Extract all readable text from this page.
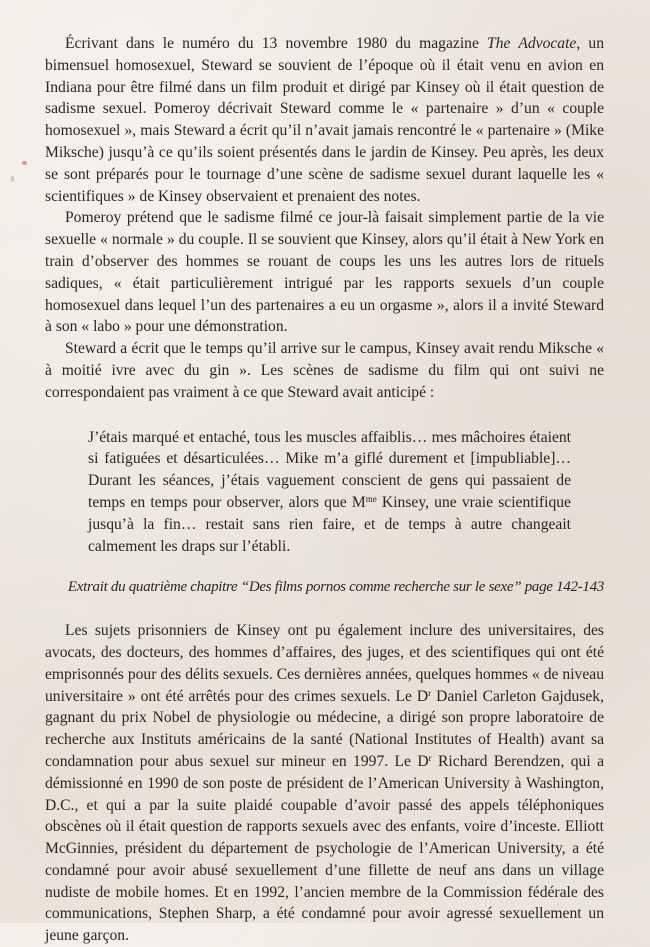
Écrivant dans le numéro du 13 novembre 1980 du magazine The Advocate, un bimensuel homosexuel, Steward se souvient de l’époque où il était venu en avion en Indiana pour être filmé dans un film produit et dirigé par Kinsey où il était question de sadisme sexuel. Pomeroy décrivait Steward comme le « partenaire » d’un « couple homosexuel », mais Steward a écrit qu’il n’avait jamais rencontré le « partenaire » (Mike Miksche) jusqu’à ce qu’ils soient présentés dans le jardin de Kinsey. Peu après, les deux se sont préparés pour le tournage d’une scène de sadisme sexuel durant laquelle les « scientifiques » de Kinsey observaient et prenaient des notes.

Pomeroy prétend que le sadisme filmé ce jour-là faisait simplement partie de la vie sexuelle « normale » du couple. Il se souvient que Kinsey, alors qu’il était à New York en train d’observer des hommes se rouant de coups les uns les autres lors de rituels sadiques, « était particulièrement intrigué par les rapports sexuels d’un couple homosexuel dans lequel l’un des partenaires a eu un orgasme », alors il a invité Steward à son « labo » pour une démonstration.

Steward a écrit que le temps qu’il arrive sur le campus, Kinsey avait rendu Miksche « à moitié ivre avec du gin ». Les scènes de sadisme du film qui ont suivi ne correspondaient pas vraiment à ce que Steward avait anticipé :

J’étais marqué et entaché, tous les muscles affaiblis… mes mâchoires étaient si fatiguées et désarticulées… Mike m’a giflé durement et [impubliable]… Durant les séances, j’étais vaguement conscient de gens qui passaient de temps en temps pour observer, alors que $M^{me}$ Kinsey, une vraie scientifique jusqu’à la fin… restait sans rien faire, et de temps à autre changeait calmement les draps sur l’établi.

Extrait du quatrième chapitre “Des films pornos comme recherche sur le sexe” page 142-143

Les sujets prisonniers de Kinsey ont pu également inclure des universitaires, des avocats, des docteurs, des hommes d’affaires, des juges, et des scientifiques qui ont été emprisonnés pour des délits sexuels. Ces dernières années, quelques hommes « de niveau universitaire » ont été arrêtés pour des crimes sexuels. Le $D^r$ Daniel Carleton Gajdusek, gagnant du prix Nobel de physiologie ou médecine, a dirigé son propre laboratoire de recherche aux Instituts américains de la santé (National Institutes of Health) avant sa condamnation pour abus sexuel sur mineur en 1997. Le $D^r$ Richard Berendzen, qui a démissionné en 1990 de son poste de président de l’American University à Washington, D.C., et qui a par la suite plaidé coupable d’avoir passé des appels téléphoniques obscènes où il était question de rapports sexuels avec des enfants, voire d’inceste. Elliott McGinnies, président du département de psychologie de l’American University, a été condamné pour avoir abusé sexuellement d’une fillette de neuf ans dans un village nudiste de mobile homes. Et en 1992, l’ancien membre de la Commission fédérale des communications, Stephen Sharp, a été condamné pour avoir agressé sexuellement un jeune garçon.
